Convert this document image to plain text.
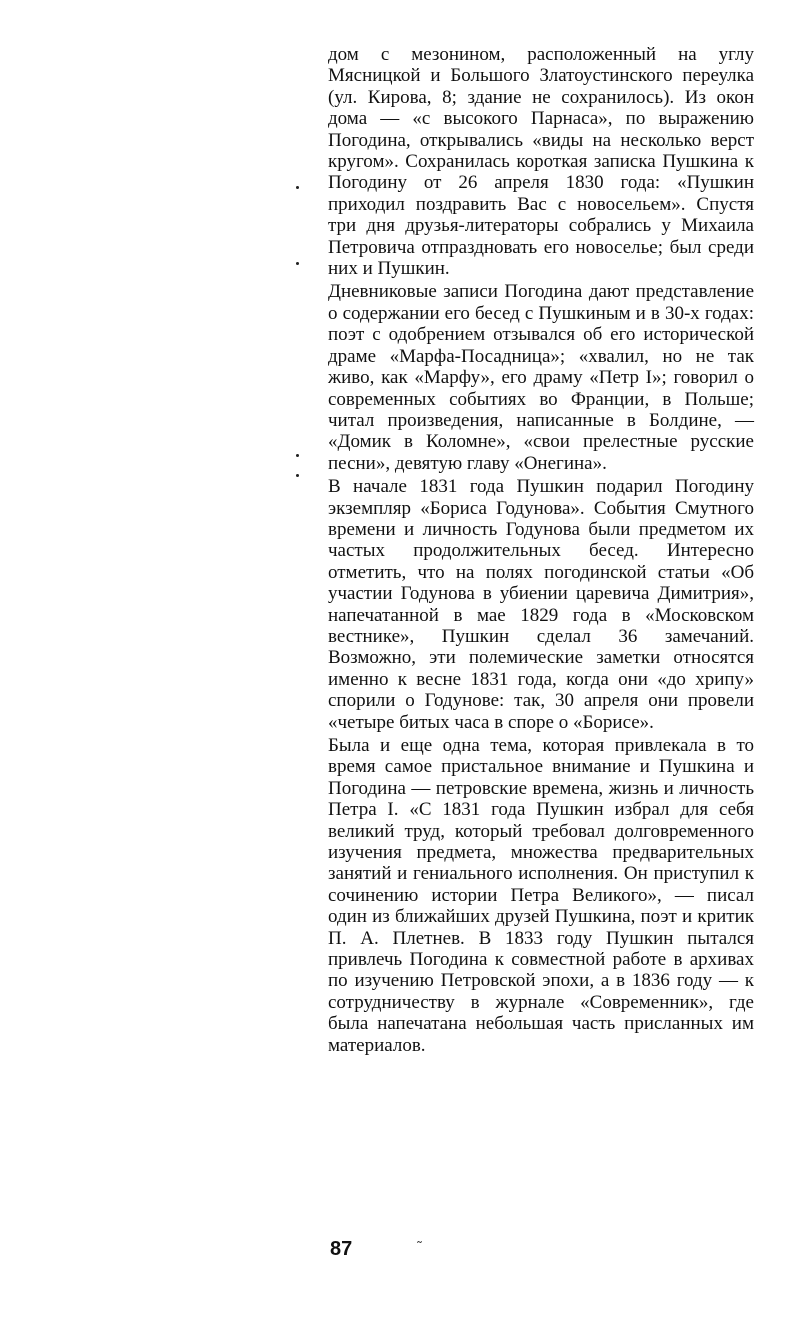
дом с мезонином, расположенный на углу Мясницкой и Большого Златоустинского переулка (ул. Кирова, 8; здание не сохранилось). Из окон дома — «с высокого Парнаса», по выражению Погодина, открывались «виды на несколько верст кругом». Сохранилась короткая записка Пушкина к Погодину от 26 апреля 1830 года: «Пушкин приходил поздравить Вас с новосельем». Спустя три дня друзья-литераторы собрались у Михаила Петровича отпраздновать его новоселье; был среди них и Пушкин.

Дневниковые записи Погодина дают представление о содержании его бесед с Пушкиным и в 30-х годах: поэт с одобрением отзывался об его исторической драме «Марфа-Посадница»; «хвалил, но не так живо, как «Марфу», его драму «Петр I»; говорил о современных событиях во Франции, в Польше; читал произведения, написанные в Болдине, — «Домик в Коломне», «свои прелестные русские песни», девятую главу «Онегина».

В начале 1831 года Пушкин подарил Погодину экземпляр «Бориса Годунова». События Смутного времени и личность Годунова были предметом их частых продолжительных бесед. Интересно отметить, что на полях погодинской статьи «Об участии Годунова в убиении царевича Димитрия», напечатанной в мае 1829 года в «Московском вестнике», Пушкин сделал 36 замечаний. Возможно, эти полемические заметки относятся именно к весне 1831 года, когда они «до хрипу» спорили о Годунове: так, 30 апреля они провели «четыре битых часа в споре о «Борисе».

Была и еще одна тема, которая привлекала в то время самое пристальное внимание и Пушкина и Погодина — петровские времена, жизнь и личность Петра I. «С 1831 года Пушкин избрал для себя великий труд, который требовал долговременного изучения предмета, множества предварительных занятий и гениального исполнения. Он приступил к сочинению истории Петра Великого», — писал один из ближайших друзей Пушкина, поэт и критик П. А. Плетнев. В 1833 году Пушкин пытался привлечь Погодина к совместной работе в архивах по изучению Петровской эпохи, а в 1836 году — к сотрудничеству в журнале «Современник», где была напечатана небольшая часть присланных им материалов.

87	˜
